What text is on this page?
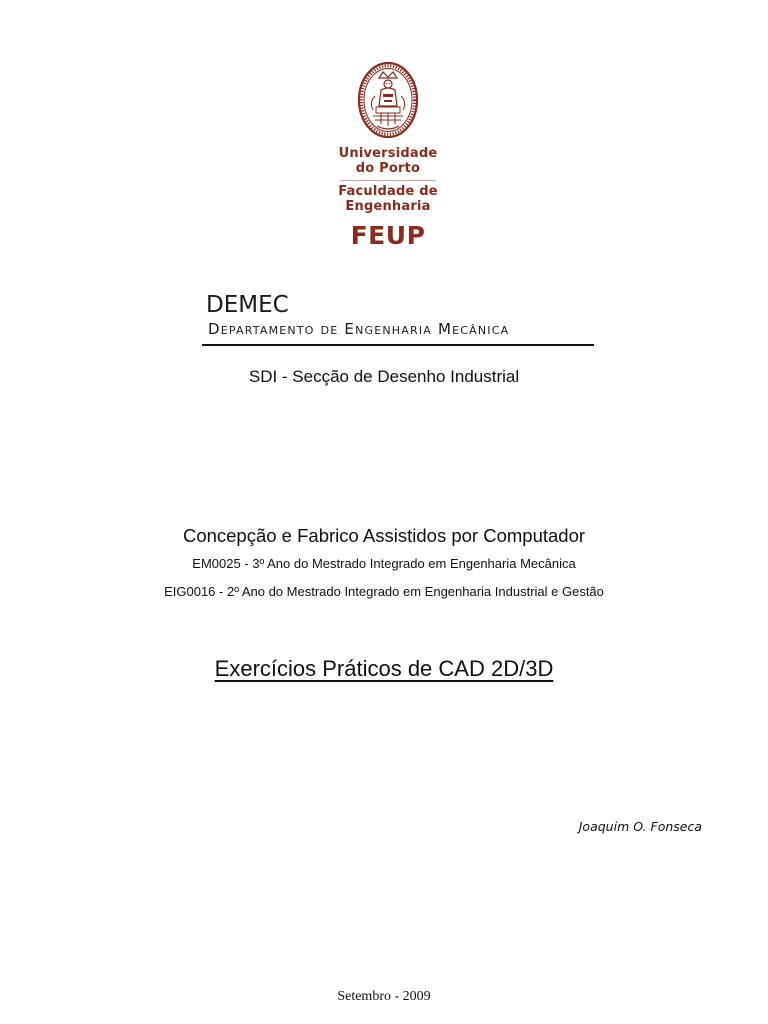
Universidade
do Porto
Faculdade de
Engenharia
FEUP
DEMEC
Departamento de Engenharia Mecânica
SDI - Secção de Desenho Industrial
Concepção e Fabrico Assistidos por Computador
EM0025 - 3º Ano do Mestrado Integrado em Engenharia Mecânica
EIG0016 - 2º Ano do Mestrado Integrado em Engenharia Industrial e Gestão
Exercícios Práticos de CAD 2D/3D
Joaquim O. Fonseca
Setembro - 2009
